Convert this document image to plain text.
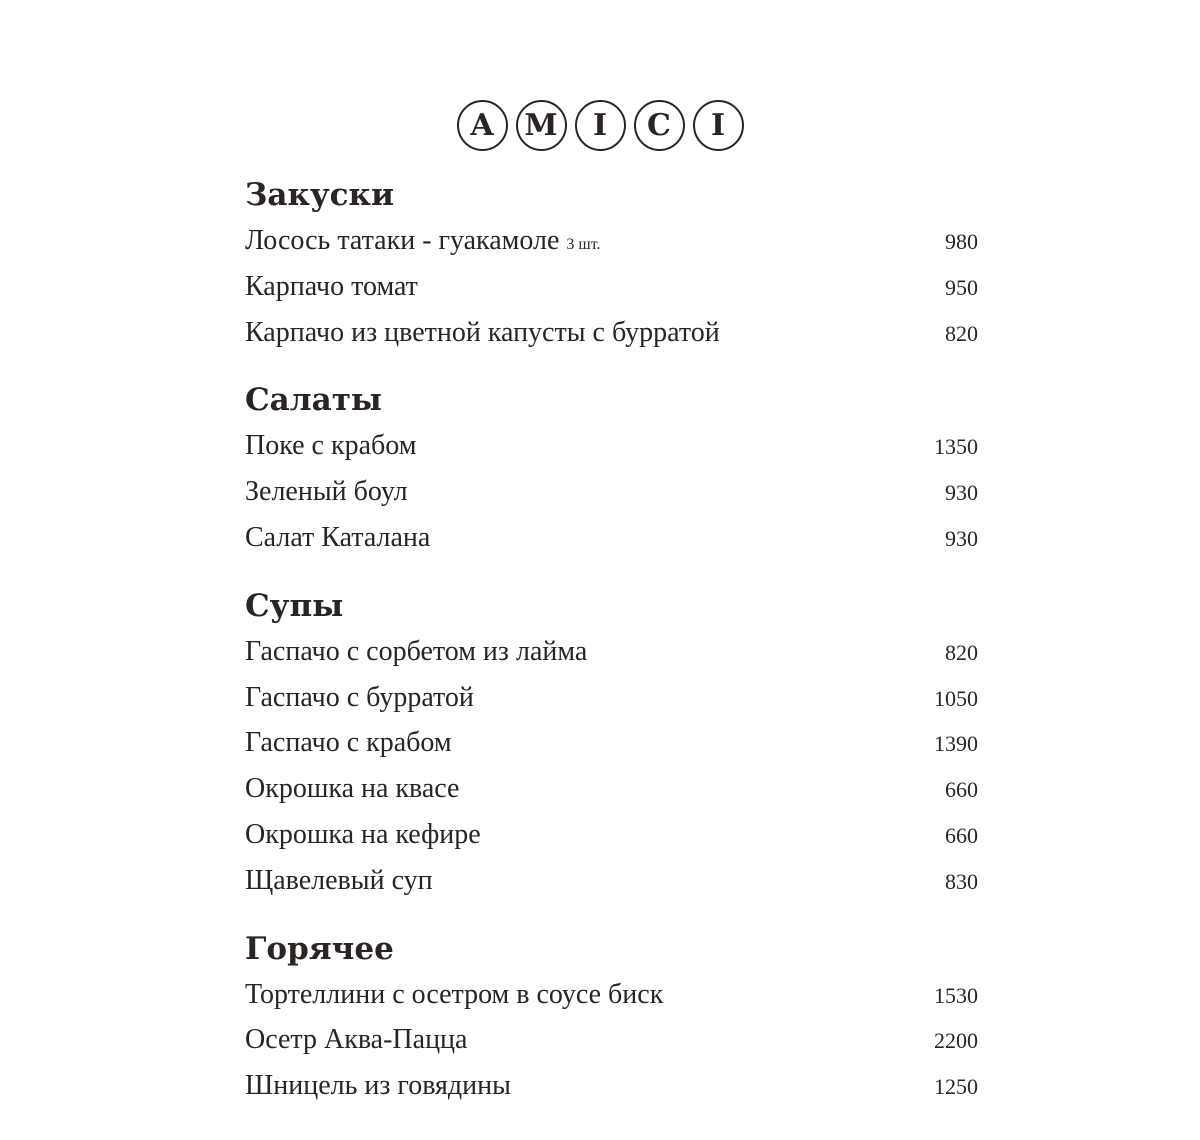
A	M	I	C	I
Закуски
Лосось татаки - гуакамоле 3 шт.	980
Карпачо томат	950
Карпачо из цветной капусты с бурратой	820
Салаты
Поке с крабом	1350
Зеленый боул	930
Салат Каталана	930
Супы
Гаспачо с сорбетом из лайма	820
Гаспачо с бурратой	1050
Гаспачо с крабом	1390
Окрошка на квасе	660
Окрошка на кефире	660
Щавелевый суп	830
Горячее
Тортеллини с осетром в соусе биск	1530
Осетр Аква-Пацца	2200
Шницель из говядины	1250
